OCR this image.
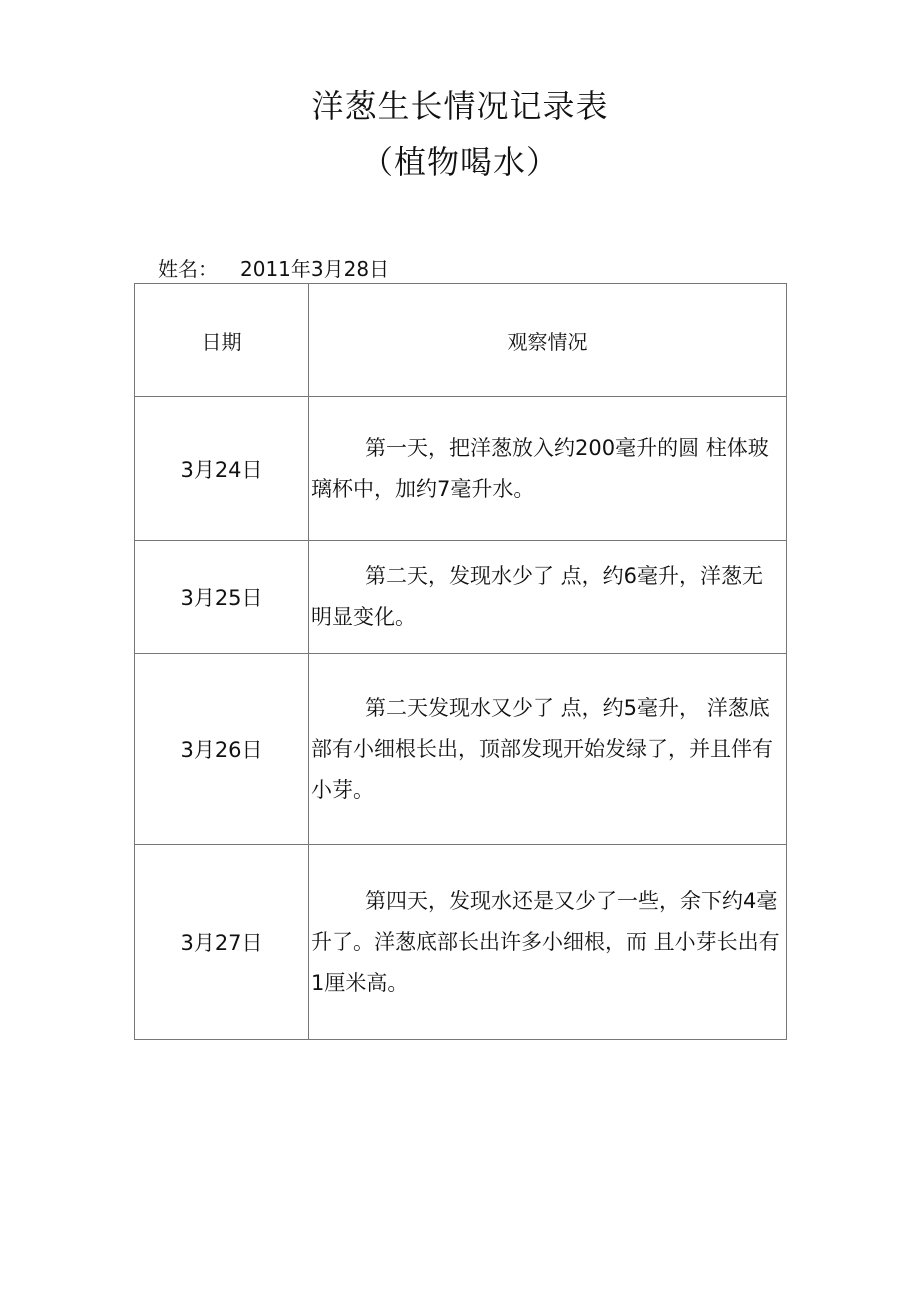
洋葱生长情况记录表
（植物喝水）
姓名： 2011年3月28日
日期	观察情况
3月24日	第一天，把洋葱放入约200毫升的圆 柱体玻璃杯中，加约7毫升水。

3月25日	第二天，发现水少了 点，约6毫升，洋葱无明显变化。

3月26日	第二天发现水又少了 点，约5毫升， 洋葱底部有小细根长出，顶部发现开始发绿了，并且伴有小芽。

3月27日	第四天，发现水还是又少了一些，余下约4毫升了。洋葱底部长出许多小细根，而 且小芽长出有1厘米高。
